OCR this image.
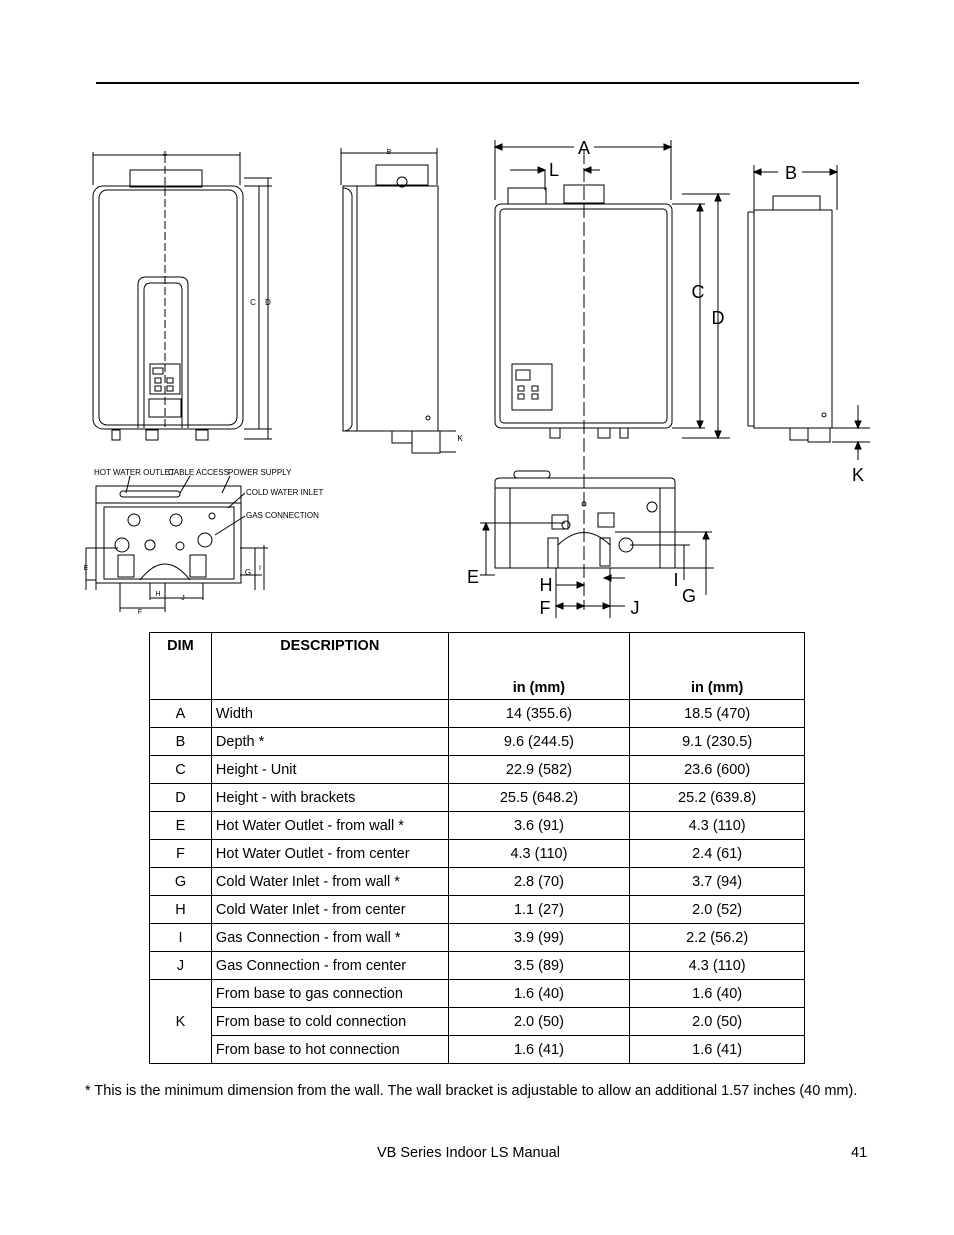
A
C D
B
K
HOT WATER OUTLET
CABLE ACCESS POWER SUPPLY
COLD WATER INLET
GAS CONNECTION
E
F
G
H
I
J
A
L
C
D
B
K
E	H
F
I
G
J
DIM	DESCRIPTION	in (mm)	in (mm)

A	Width	14 (355.6)	18.5 (470)
B	Depth *	9.6 (244.5)	9.1 (230.5)
C	Height - Unit	22.9 (582)	23.6 (600)
D	Height - with brackets	25.5 (648.2)	25.2 (639.8)
E	Hot Water Outlet - from wall *	3.6 (91)	4.3 (110)
F	Hot Water Outlet - from center	4.3 (110)	2.4 (61)
G	Cold Water Inlet - from wall *	2.8 (70)	3.7 (94)
H	Cold Water Inlet - from center	1.1 (27)	2.0 (52)
I	Gas Connection - from wall *	3.9 (99)	2.2 (56.2)
J	Gas Connection - from center	3.5 (89)	4.3 (110)
K	From base to gas connection	1.6 (40)	1.6 (40)
	From base to cold connection	2.0 (50)	2.0 (50)
	From base to hot connection	1.6 (41)	1.6 (41)
* This is the minimum dimension from the wall. The wall bracket is adjustable to allow an additional 1.57 inches (40 mm).
VB Series Indoor LS Manual	41
